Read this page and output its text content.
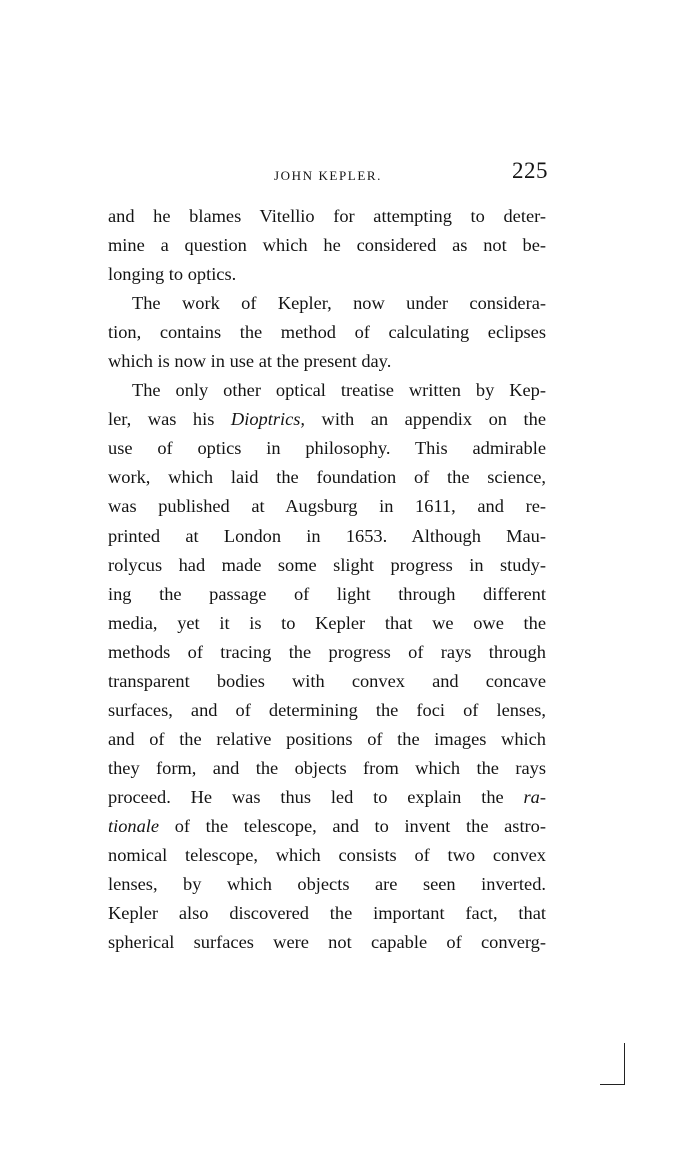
JOHN KEPLER.	225
and he blames Vitellio for attempting to deter-
mine a question which he considered as not be-
longing to optics.
The work of Kepler, now under considera-
tion, contains the method of calculating eclipses
which is now in use at the present day.
The only other optical treatise written by Kep-
ler, was his Dioptrics, with an appendix on the
use of optics in philosophy. This admirable
work, which laid the foundation of the science,
was published at Augsburg in 1611, and re-
printed at London in 1653. Although Mau-
rolycus had made some slight progress in study-
ing the passage of light through different
media, yet it is to Kepler that we owe the
methods of tracing the progress of rays through
transparent bodies with convex and concave
surfaces, and of determining the foci of lenses,
and of the relative positions of the images which
they form, and the objects from which the rays
proceed. He was thus led to explain the ra-
tionale of the telescope, and to invent the astro-
nomical telescope, which consists of two convex
lenses, by which objects are seen inverted.
Kepler also discovered the important fact, that
spherical surfaces were not capable of converg-
